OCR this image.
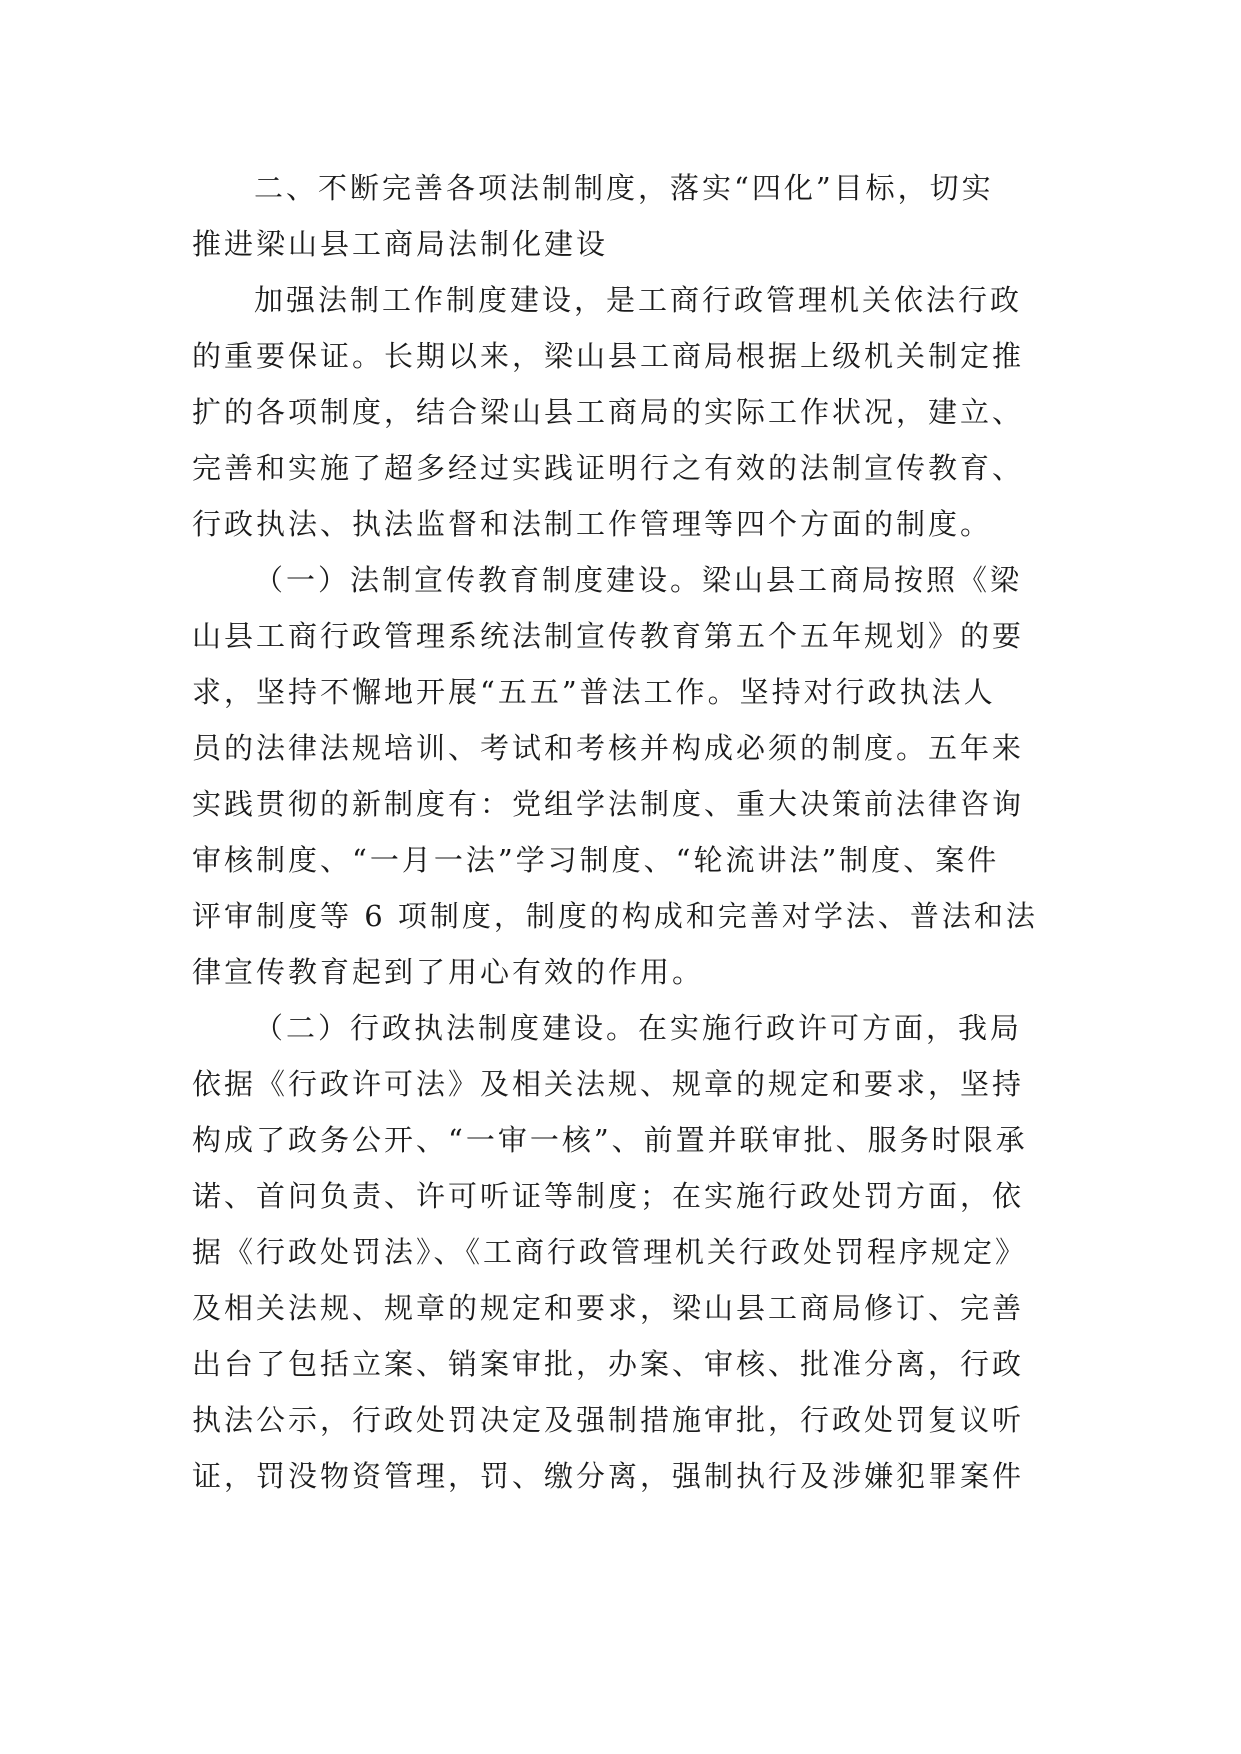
二、不断完善各项法制制度，落实“四化”目标，切实
推进梁山县工商局法制化建设

加强法制工作制度建设，是工商行政管理机关依法行政
的重要保证。长期以来，梁山县工商局根据上级机关制定推
扩的各项制度，结合梁山县工商局的实际工作状况，建立、
完善和实施了超多经过实践证明行之有效的法制宣传教育、
行政执法、执法监督和法制工作管理等四个方面的制度。

（一）法制宣传教育制度建设。梁山县工商局按照《梁
山县工商行政管理系统法制宣传教育第五个五年规划》的要
求，坚持不懈地开展“五五”普法工作。坚持对行政执法人
员的法律法规培训、考试和考核并构成必须的制度。五年来
实践贯彻的新制度有：党组学法制度、重大决策前法律咨询
审核制度、“一月一法”学习制度、“轮流讲法”制度、案件
评审制度等 6 项制度，制度的构成和完善对学法、普法和法
律宣传教育起到了用心有效的作用。

（二）行政执法制度建设。在实施行政许可方面，我局
依据《行政许可法》及相关法规、规章的规定和要求，坚持
构成了政务公开、“一审一核”、前置并联审批、服务时限承
诺、首问负责、许可听证等制度；在实施行政处罚方面，依
据《行政处罚法》、《工商行政管理机关行政处罚程序规定》
及相关法规、规章的规定和要求，梁山县工商局修订、完善
出台了包括立案、销案审批，办案、审核、批准分离，行政
执法公示，行政处罚决定及强制措施审批，行政处罚复议听
证，罚没物资管理，罚、缴分离，强制执行及涉嫌犯罪案件
